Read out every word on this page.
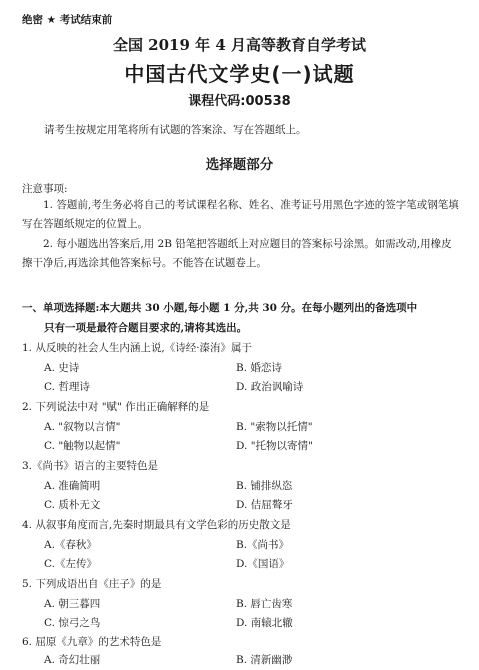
绝密 ★ 考试结束前
全国 2019 年 4 月高等教育自学考试
中国古代文学史(一)试题
课程代码:00538
请考生按规定用笔将所有试题的答案涂、写在答题纸上。
选择题部分
注意事项:
1. 答题前,考生务必将自己的考试课程名称、姓名、准考证号用黑色字迹的签字笔或钢笔填写在答题纸规定的位置上。
2. 每小题选出答案后,用 2B 铅笔把答题纸上对应题目的答案标号涂黑。如需改动,用橡皮擦干净后,再选涂其他答案标号。不能答在试题卷上。
一、单项选择题:本大题共 30 小题,每小题 1 分,共 30 分。在每小题列出的备选项中
只有一项是最符合题目要求的,请将其选出。
1. 从反映的社会人生内涵上说,《诗经·溱洧》属于
A. 史诗	B. 婚恋诗
C. 哲理诗	D. 政治讽喻诗
2. 下列说法中对 "赋" 作出正确解释的是
A. "叙物以言情"	B. "索物以托情"
C. "触物以起情"	D. "托物以寄情"
3.《尚书》语言的主要特色是
A. 准确简明	B. 铺排纵恣
C. 质朴无文	D. 佶屈聱牙
4. 从叙事角度而言,先秦时期最具有文学色彩的历史散文是
A.《春秋》	B.《尚书》
C.《左传》	D.《国语》
5. 下列成语出自《庄子》的是
A. 朝三暮四	B. 唇亡齿寒
C. 惊弓之鸟	D. 南辕北辙
6. 屈原《九章》的艺术特色是
A. 奇幻壮丽	B. 清新幽渺
